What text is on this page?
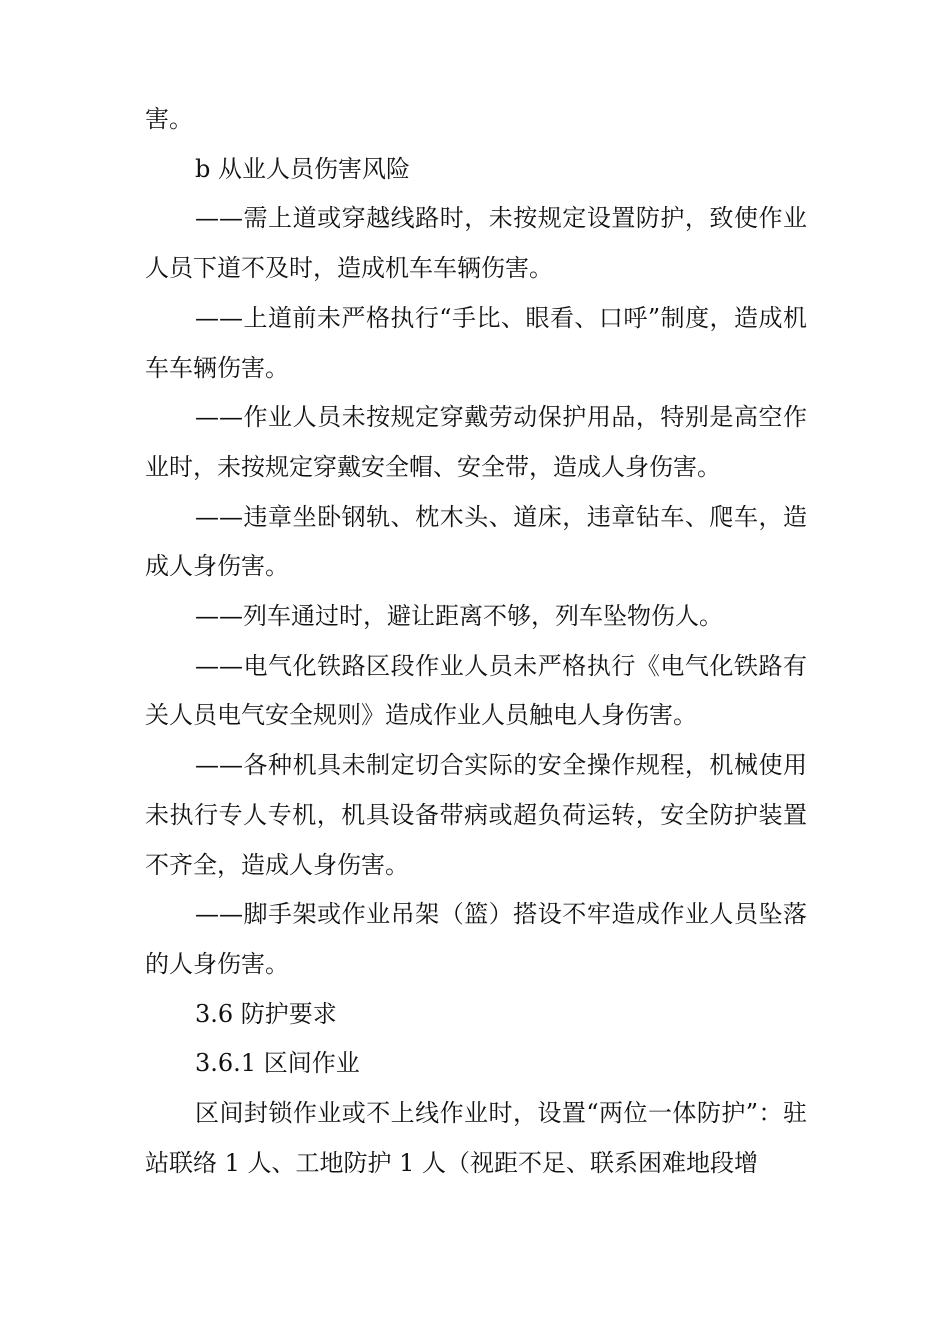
害。

b 从业人员伤害风险

——需上道或穿越线路时，未按规定设置防护，致使作业人员下道不及时，造成机车车辆伤害。

——上道前未严格执行“手比、眼看、口呼”制度，造成机车车辆伤害。

——作业人员未按规定穿戴劳动保护用品，特别是高空作业时，未按规定穿戴安全帽、安全带，造成人身伤害。

——违章坐卧钢轨、枕木头、道床，违章钻车、爬车，造成人身伤害。

——列车通过时，避让距离不够，列车坠物伤人。

——电气化铁路区段作业人员未严格执行《电气化铁路有关人员电气安全规则》造成作业人员触电人身伤害。

——各种机具未制定切合实际的安全操作规程，机械使用未执行专人专机，机具设备带病或超负荷运转，安全防护装置不齐全，造成人身伤害。

——脚手架或作业吊架（篮）搭设不牢造成作业人员坠落的人身伤害。

3.6 防护要求

3.6.1 区间作业

区间封锁作业或不上线作业时，设置“两位一体防护”：驻站联络 1 人、工地防护 1 人（视距不足、联系困难地段增
